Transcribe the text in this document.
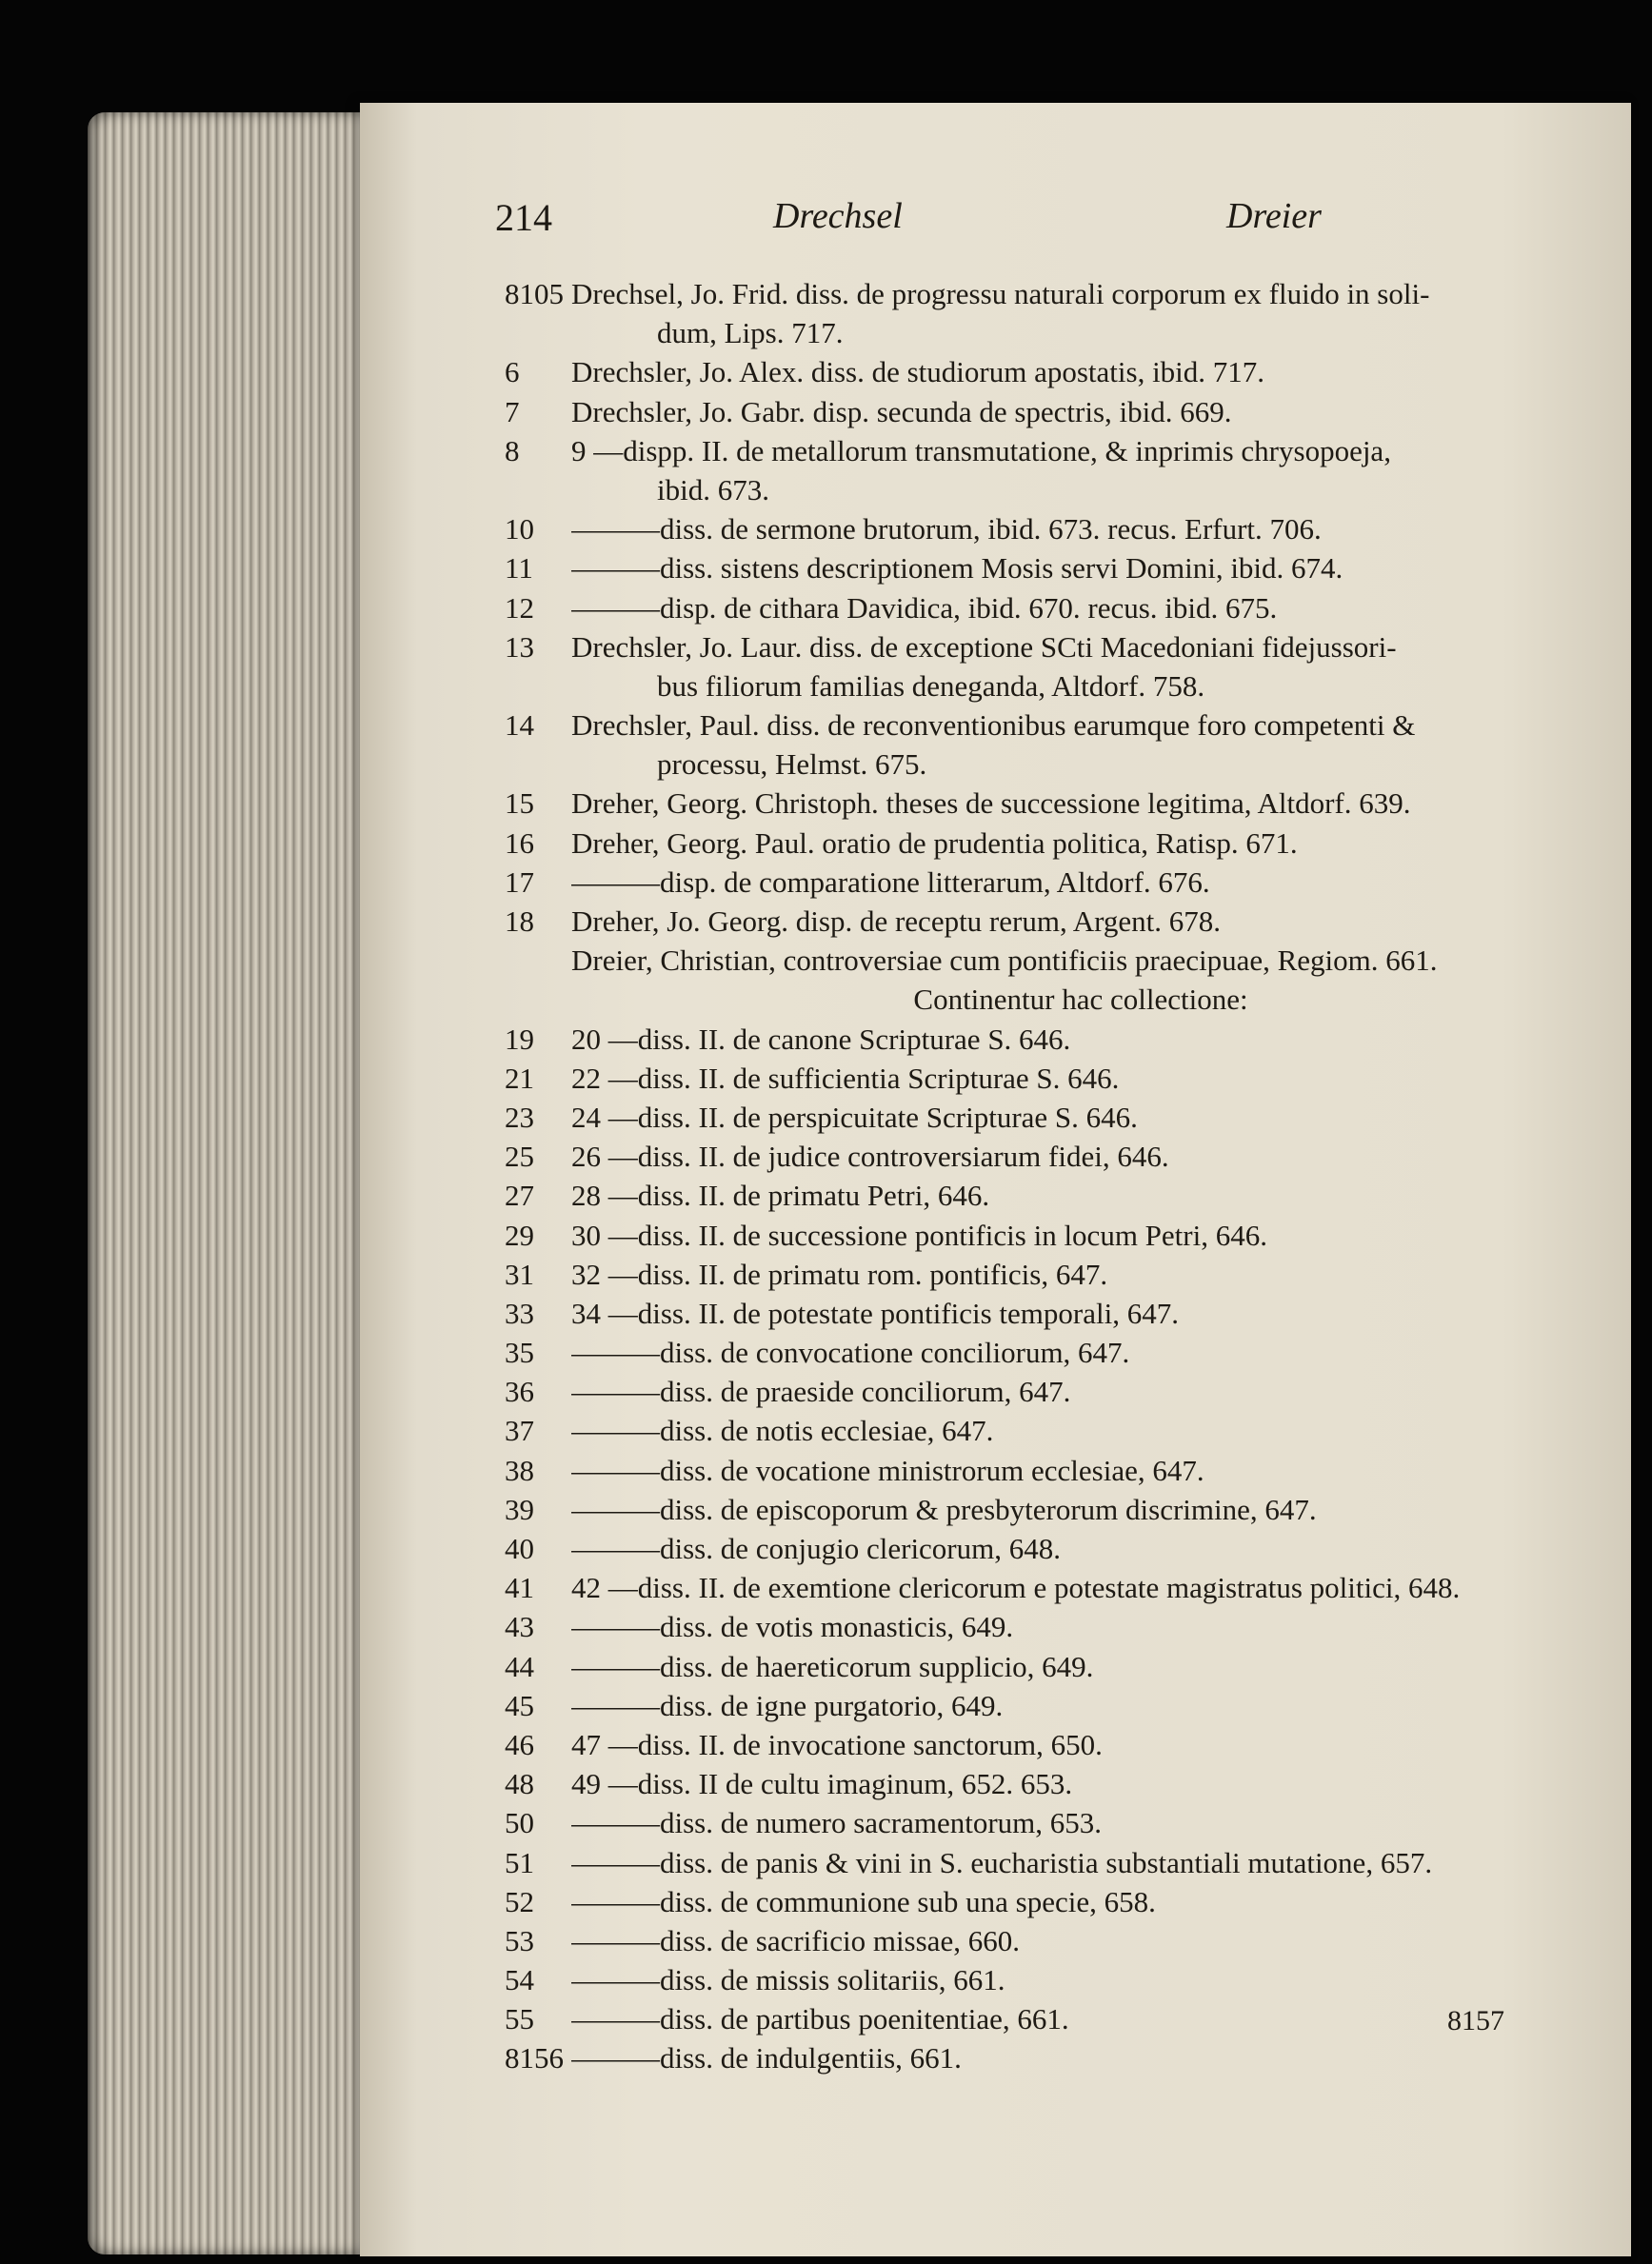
214	Drechsel	Dreier
8105 Drechsel, Jo. Frid. diss. de progressu naturali corporum ex fluido in soli-
dum, Lips. 717.
6	Drechsler, Jo. Alex. diss. de studiorum apostatis, ibid. 717.
7	Drechsler, Jo. Gabr. disp. secunda de spectris, ibid. 669.
8	9 —dispp. II. de metallorum transmutatione, & inprimis chrysopoeja,
ibid. 673.
10	———diss. de sermone brutorum, ibid. 673. recus. Erfurt. 706.
11	———diss. sistens descriptionem Mosis servi Domini, ibid. 674.
12	———disp. de cithara Davidica, ibid. 670. recus. ibid. 675.
13	Drechsler, Jo. Laur. diss. de exceptione SCti Macedoniani fidejussori-
bus filiorum familias deneganda, Altdorf. 758.
14	Drechsler, Paul. diss. de reconventionibus earumque foro competenti &
processu, Helmst. 675.
15	Dreher, Georg. Christoph. theses de successione legitima, Altdorf. 639.
16	Dreher, Georg. Paul. oratio de prudentia politica, Ratisp. 671.
17	———disp. de comparatione litterarum, Altdorf. 676.
18	Dreher, Jo. Georg. disp. de receptu rerum, Argent. 678.
Dreier, Christian, controversiae cum pontificiis praecipuae, Regiom. 661.
Continentur hac collectione:
19	20 —diss. II. de canone Scripturae S. 646.
21	22 —diss. II. de sufficientia Scripturae S. 646.
23	24 —diss. II. de perspicuitate Scripturae S. 646.
25	26 —diss. II. de judice controversiarum fidei, 646.
27	28 —diss. II. de primatu Petri, 646.
29	30 —diss. II. de successione pontificis in locum Petri, 646.
31	32 —diss. II. de primatu rom. pontificis, 647.
33	34 —diss. II. de potestate pontificis temporali, 647.
35	———diss. de convocatione conciliorum, 647.
36	———diss. de praeside conciliorum, 647.
37	———diss. de notis ecclesiae, 647.
38	———diss. de vocatione ministrorum ecclesiae, 647.
39	———diss. de episcoporum & presbyterorum discrimine, 647.
40	———diss. de conjugio clericorum, 648.
41	42 —diss. II. de exemtione clericorum e potestate magistratus politici, 648.
43	———diss. de votis monasticis, 649.
44	———diss. de haereticorum supplicio, 649.
45	———diss. de igne purgatorio, 649.
46	47 —diss. II. de invocatione sanctorum, 650.
48	49 —diss. II de cultu imaginum, 652. 653.
50	———diss. de numero sacramentorum, 653.
51	———diss. de panis & vini in S. eucharistia substantiali mutatione, 657.
52	———diss. de communione sub una specie, 658.
53	———diss. de sacrificio missae, 660.
54	———diss. de missis solitariis, 661.
55	———diss. de partibus poenitentiae, 661.
8156 ———diss. de indulgentiis, 661.
8157
